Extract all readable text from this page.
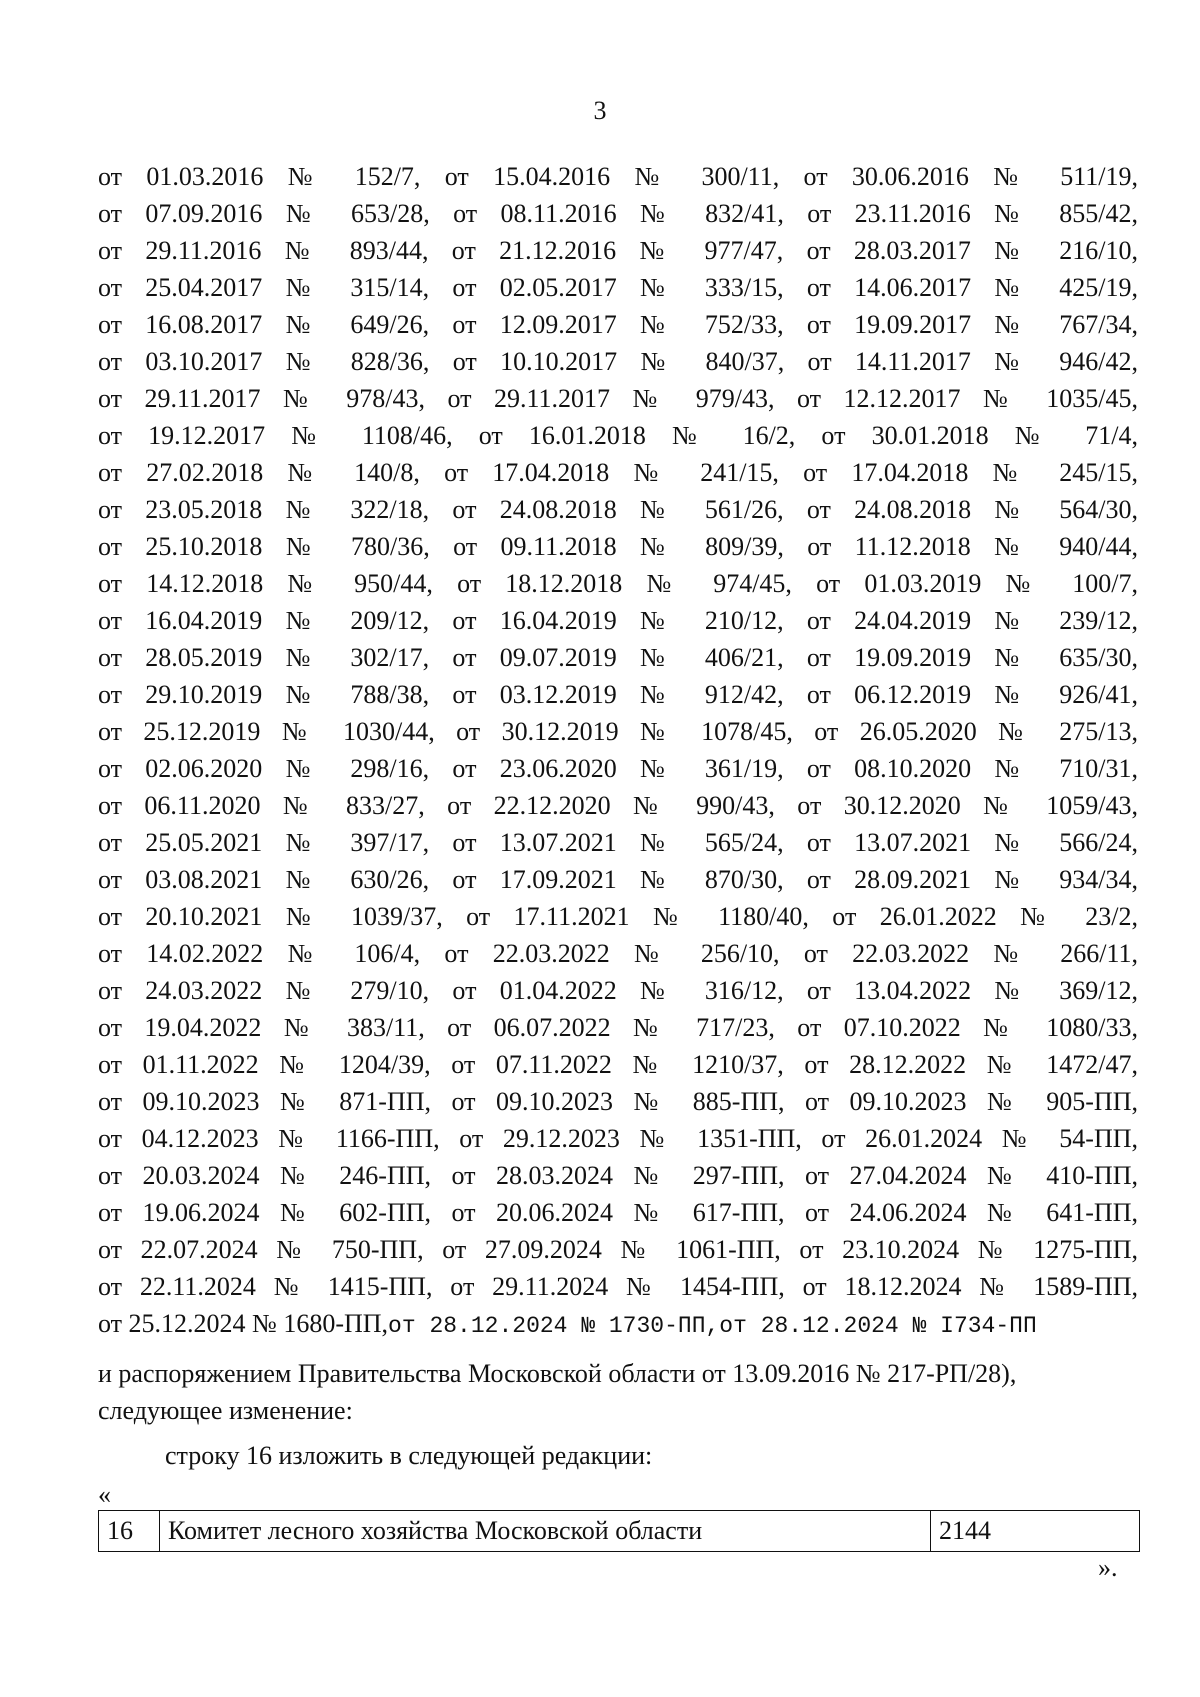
3
от 01.03.2016 № 152/7, от 15.04.2016 № 300/11, от 30.06.2016 № 511/19,
от 07.09.2016 № 653/28, от 08.11.2016 № 832/41, от 23.11.2016 № 855/42,
от 29.11.2016 № 893/44, от 21.12.2016 № 977/47, от 28.03.2017 № 216/10,
от 25.04.2017 № 315/14, от 02.05.2017 № 333/15, от 14.06.2017 № 425/19,
от 16.08.2017 № 649/26, от 12.09.2017 № 752/33, от 19.09.2017 № 767/34,
от 03.10.2017 № 828/36, от 10.10.2017 № 840/37, от 14.11.2017 № 946/42,
от 29.11.2017 № 978/43, от 29.11.2017 № 979/43, от 12.12.2017 № 1035/45,
от 19.12.2017 № 1108/46, от 16.01.2018 № 16/2, от 30.01.2018 № 71/4,
от 27.02.2018 № 140/8, от 17.04.2018 № 241/15, от 17.04.2018 № 245/15,
от 23.05.2018 № 322/18, от 24.08.2018 № 561/26, от 24.08.2018 № 564/30,
от 25.10.2018 № 780/36, от 09.11.2018 № 809/39, от 11.12.2018 № 940/44,
от 14.12.2018 № 950/44, от 18.12.2018 № 974/45, от 01.03.2019 № 100/7,
от 16.04.2019 № 209/12, от 16.04.2019 № 210/12, от 24.04.2019 № 239/12,
от 28.05.2019 № 302/17, от 09.07.2019 № 406/21, от 19.09.2019 № 635/30,
от 29.10.2019 № 788/38, от 03.12.2019 № 912/42, от 06.12.2019 № 926/41,
от 25.12.2019 № 1030/44, от 30.12.2019 № 1078/45, от 26.05.2020 № 275/13,
от 02.06.2020 № 298/16, от 23.06.2020 № 361/19, от 08.10.2020 № 710/31,
от 06.11.2020 № 833/27, от 22.12.2020 № 990/43, от 30.12.2020 № 1059/43,
от 25.05.2021 № 397/17, от 13.07.2021 № 565/24, от 13.07.2021 № 566/24,
от 03.08.2021 № 630/26, от 17.09.2021 № 870/30, от 28.09.2021 № 934/34,
от 20.10.2021 № 1039/37, от 17.11.2021 № 1180/40, от 26.01.2022 № 23/2,
от 14.02.2022 № 106/4, от 22.03.2022 № 256/10, от 22.03.2022 № 266/11,
от 24.03.2022 № 279/10, от 01.04.2022 № 316/12, от 13.04.2022 № 369/12,
от 19.04.2022 № 383/11, от 06.07.2022 № 717/23, от 07.10.2022 № 1080/33,
от 01.11.2022 № 1204/39, от 07.11.2022 № 1210/37, от 28.12.2022 № 1472/47,
от 09.10.2023 № 871-ПП, от 09.10.2023 № 885-ПП, от 09.10.2023 № 905-ПП,
от 04.12.2023 № 1166-ПП, от 29.12.2023 № 1351-ПП, от 26.01.2024 № 54-ПП,
от 20.03.2024 № 246-ПП, от 28.03.2024 № 297-ПП, от 27.04.2024 № 410-ПП,
от 19.06.2024 № 602-ПП, от 20.06.2024 № 617-ПП, от 24.06.2024 № 641-ПП,
от 22.07.2024 № 750-ПП, от 27.09.2024 № 1061-ПП, от 23.10.2024 № 1275-ПП,
от 22.11.2024 № 1415-ПП, от 29.11.2024 № 1454-ПП, от 18.12.2024 № 1589-ПП,
от 25.12.2024 № 1680-ПП,от 28.12.2024 № 1730-ПП,от 28.12.2024 № I734-ПП
и распоряжением Правительства Московской области от 13.09.2016 № 217-РП/28),
следующее изменение:
строку 16 изложить в следующей редакции:
«
16	Комитет лесного хозяйства Московской области	2144
».
